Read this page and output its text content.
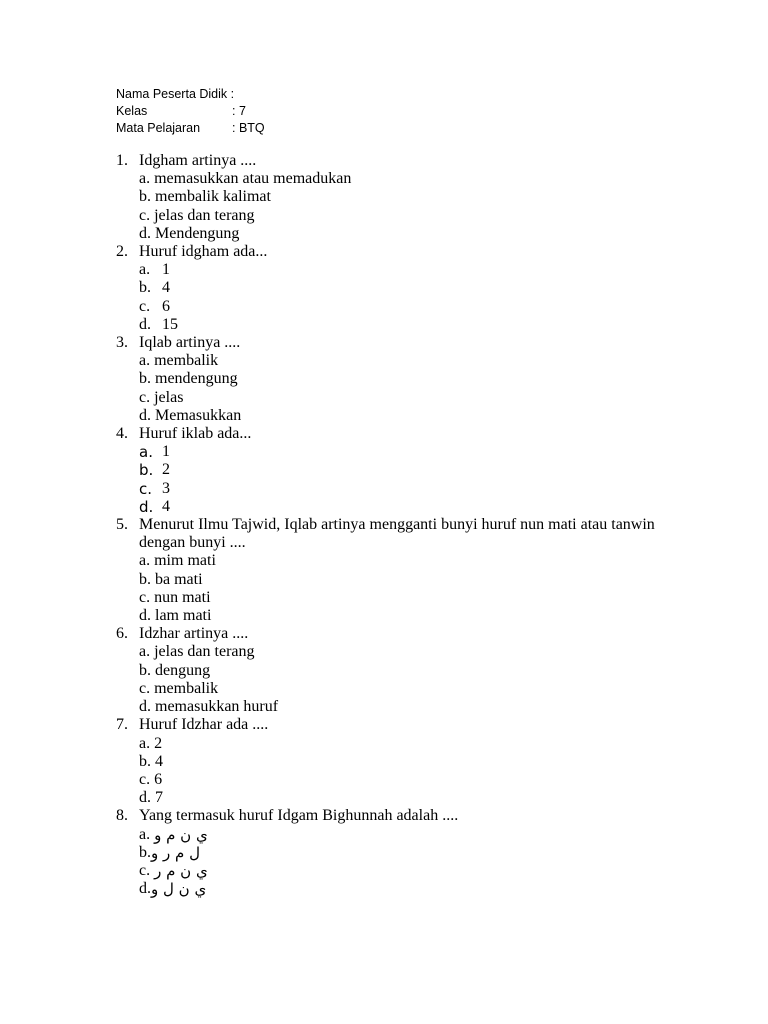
Nama Peserta Didik :
Kelas	: 7
Mata Pelajaran	: BTQ
1. Idgham artinya ....
a.
memasukkan atau memadukan
b.
membalik kalimat
c.
jelas dan terang
d.
Mendengung
2. Huruf idgham ada...
a. 1
b. 4
c. 6
d. 15
3. Iqlab artinya ....
a.
membalik
b.
mendengung
c.
jelas
d.
Memasukkan
4. Huruf iklab ada...
a. 1
b. 2
c. 3
d. 4
5. Menurut Ilmu Tajwid, Iqlab artinya mengganti bunyi huruf nun mati atau tanwin dengan bunyi ....
a.
mim mati
b.
ba mati
c.
nun mati
d.
lam mati
6. Idzhar artinya ....
a.
jelas dan terang
b.
dengung
c.
membalik
d.
memasukkan huruf
7. Huruf Idzhar ada ....
a.
2
b.
4
c.
6
d.
7
8. Yang termasuk huruf Idgam Bighunnah adalah ....
a.
ي ن م و
b. ل م ر و
c.
ي ن م ر
d. ي ن ل و
